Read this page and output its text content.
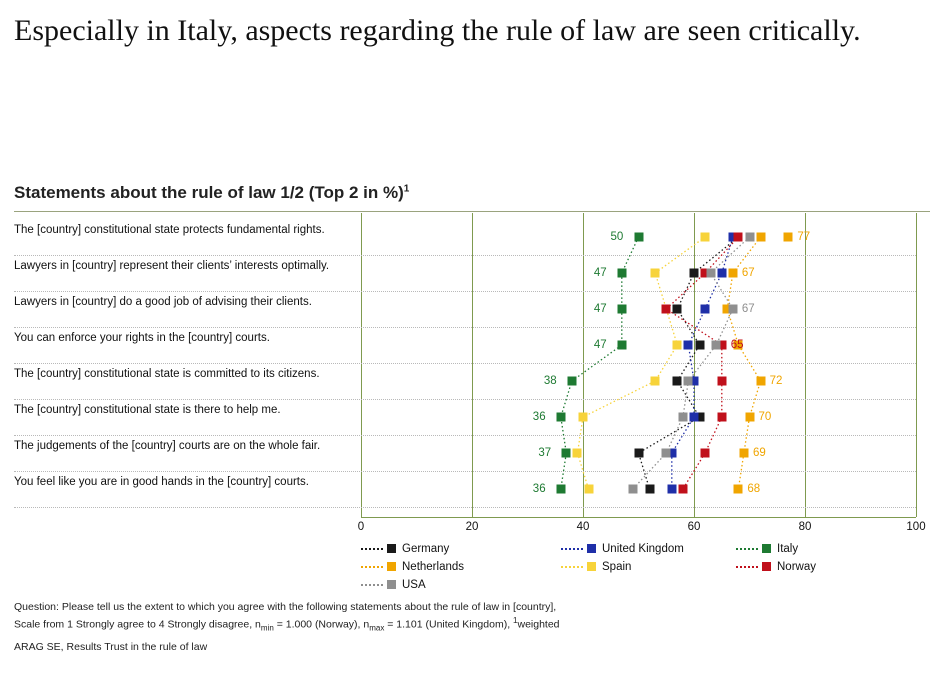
Especially in Italy, aspects regarding the rule of law are seen critically.
Statements about the rule of law 1/2 (Top 2 in %)$^1$
The [country] constitutional state protects fundamental rights.
Lawyers in [country] represent their clients’ interests optimally.
Lawyers in [country] do a good job of advising their clients.
You can enforce your rights in the [country] courts.
The [country] constitutional state is committed to its citizens.
The [country] constitutional state is there to help me.
The judgements of the [country] courts are on the whole fair.
You feel like you are in good hands in the [country] courts.
0	20	40	60	80	100
50	77
47	67
47	67
47	65
38	72
36	70
37	69
36	68
Germany
Netherlands
USA
United Kingdom
Spain
Italy
Norway
Question: Please tell us the extent to which you agree with the following statements about the rule of law in [country],
Scale from 1 Strongly agree to 4 Strongly disagree, $n_{min} = 1.000$ (Norway), $n_{max} = 1.101$ (United Kingdom), $^1$weighted
ARAG SE, Results Trust in the rule of law
